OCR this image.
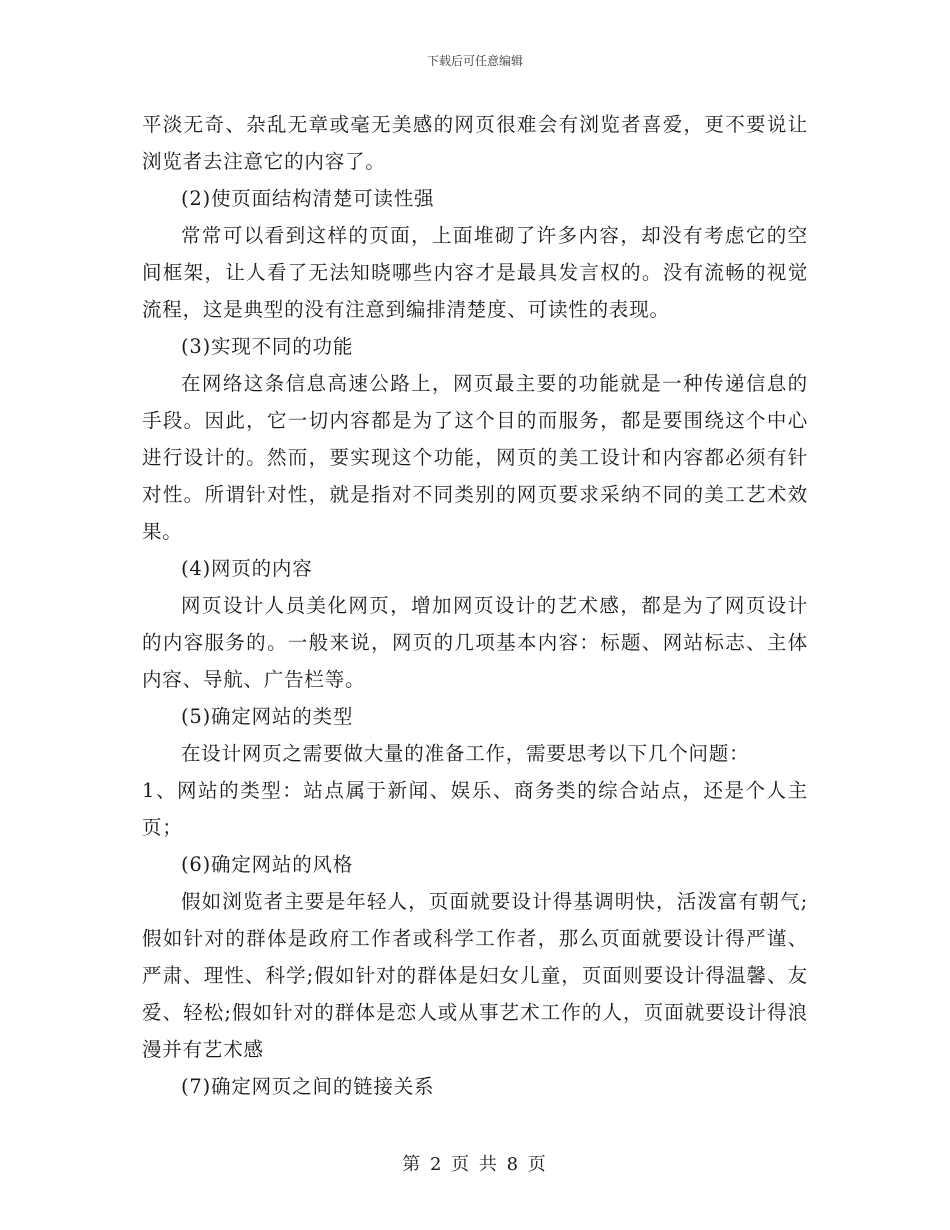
下载后可任意编辑

平淡无奇、杂乱无章或毫无美感的网页很难会有浏览者喜爱，更不要说让浏览者去注意它的内容了。

(2)使页面结构清楚可读性强

常常可以看到这样的页面，上面堆砌了许多内容，却没有考虑它的空间框架，让人看了无法知晓哪些内容才是最具发言权的。没有流畅的视觉流程，这是典型的没有注意到编排清楚度、可读性的表现。

(3)实现不同的功能

在网络这条信息高速公路上，网页最主要的功能就是一种传递信息的手段。因此，它一切内容都是为了这个目的而服务，都是要围绕这个中心进行设计的。然而，要实现这个功能，网页的美工设计和内容都必须有针对性。所谓针对性，就是指对不同类别的网页要求采纳不同的美工艺术效果。

(4)网页的内容

网页设计人员美化网页，增加网页设计的艺术感，都是为了网页设计的内容服务的。一般来说，网页的几项基本内容：标题、网站标志、主体内容、导航、广告栏等。

(5)确定网站的类型

在设计网页之需要做大量的准备工作，需要思考以下几个问题：

1、网站的类型：站点属于新闻、娱乐、商务类的综合站点，还是个人主页；

(6)确定网站的风格

假如浏览者主要是年轻人，页面就要设计得基调明快，活泼富有朝气;假如针对的群体是政府工作者或科学工作者，那么页面就要设计得严谨、严肃、理性、科学;假如针对的群体是妇女儿童，页面则要设计得温馨、友爱、轻松;假如针对的群体是恋人或从事艺术工作的人，页面就要设计得浪漫并有艺术感

(7)确定网页之间的链接关系

第 2 页 共 8 页
